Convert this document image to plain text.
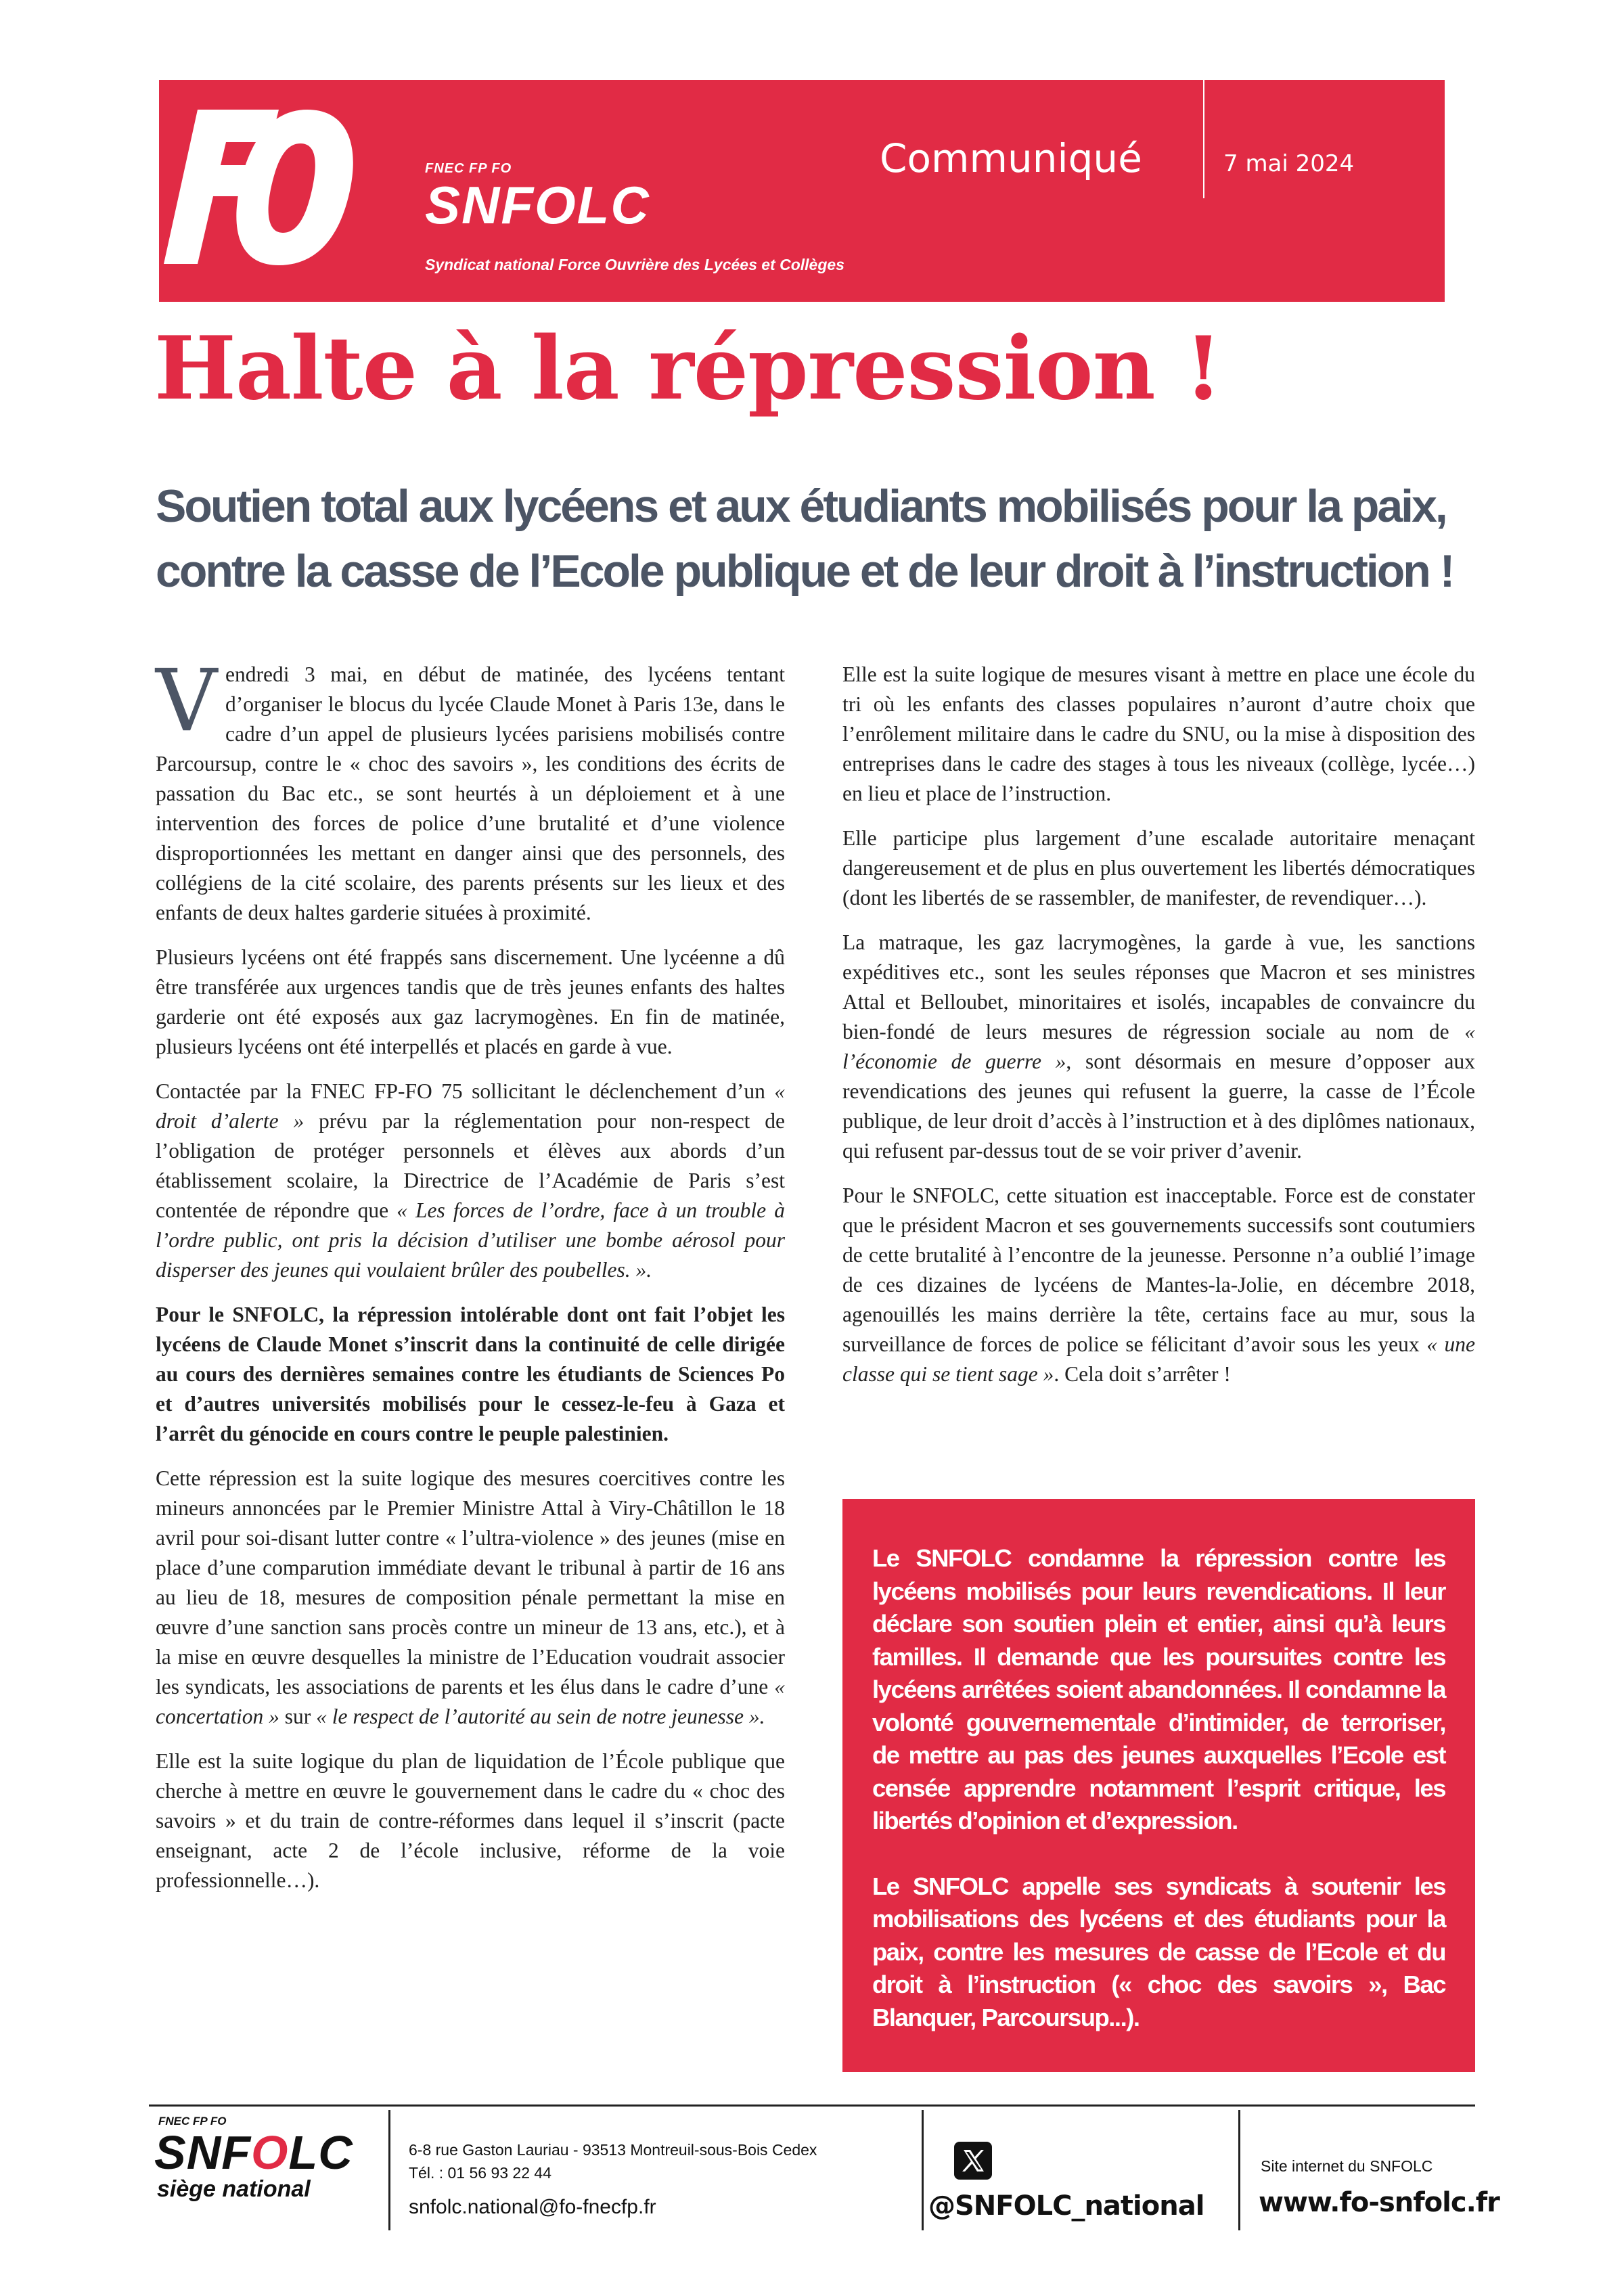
FNEC FP FO
SNFOLC
Syndicat national Force Ouvrière des Lycées et Collèges
Communiqué	7 mai 2024
Halte à la répression !
Soutien total aux lycéens et aux étudiants mobilisés pour la paix,
contre la casse de l’Ecole publique et de leur droit à l’instruction !

Vendredi 3 mai, en début de matinée, des lycéens tentant d’organiser le blocus du lycée Claude Monet à Paris 13e, dans le cadre d’un appel de plusieurs lycées parisiens mobilisés contre Parcoursup, contre le « choc des savoirs », les conditions des écrits de passation du Bac etc., se sont heurtés à un déploiement et à une intervention des forces de police d’une brutalité et d’une violence disproportionnées les mettant en danger ainsi que des personnels, des collégiens de la cité scolaire, des parents présents sur les lieux et des enfants de deux haltes garderie situées à proximité.

Plusieurs lycéens ont été frappés sans discernement. Une lycéenne a dû être transférée aux urgences tandis que de très jeunes enfants des haltes garderie ont été exposés aux gaz lacrymogènes. En fin de matinée, plusieurs lycéens ont été interpellés et placés en garde à vue.

Contactée par la FNEC FP-FO 75 sollicitant le déclenchement d’un « droit d’alerte » prévu par la réglementation pour non-respect de l’obligation de protéger personnels et élèves aux abords d’un établissement scolaire, la Directrice de l’Académie de Paris s’est contentée de répondre que « Les forces de l’ordre, face à un trouble à l’ordre public, ont pris la décision d’utiliser une bombe aérosol pour disperser des jeunes qui voulaient brûler des poubelles. ».

Pour le SNFOLC, la répression intolérable dont ont fait l’objet les lycéens de Claude Monet s’inscrit dans la continuité de celle dirigée au cours des dernières semaines contre les étudiants de Sciences Po et d’autres universités mobilisés pour le cessez-le-feu à Gaza et l’arrêt du génocide en cours contre le peuple palestinien.

Cette répression est la suite logique des mesures coercitives contre les mineurs annoncées par le Premier Ministre Attal à Viry-Châtillon le 18 avril pour soi-disant lutter contre « l’ultra-violence » des jeunes (mise en place d’une comparution immédiate devant le tribunal à partir de 16 ans au lieu de 18, mesures de composition pénale permettant la mise en œuvre d’une sanction sans procès contre un mineur de 13 ans, etc.), et à la mise en œuvre desquelles la ministre de l’Education voudrait associer les syndicats, les associations de parents et les élus dans le cadre d’une « concertation » sur « le respect de l’autorité au sein de notre jeunesse ».

Elle est la suite logique du plan de liquidation de l’École publique que cherche à mettre en œuvre le gouvernement dans le cadre du « choc des savoirs » et du train de contre-réformes dans lequel il s’inscrit (pacte enseignant, acte 2 de l’école inclusive, réforme de la voie professionnelle…).

Elle est la suite logique de mesures visant à mettre en place une école du tri où les enfants des classes populaires n’auront d’autre choix que l’enrôlement militaire dans le cadre du SNU, ou la mise à disposition des entreprises dans le cadre des stages à tous les niveaux (collège, lycée…) en lieu et place de l’instruction.

Elle participe plus largement d’une escalade autoritaire menaçant dangereusement et de plus en plus ouvertement les libertés démocratiques (dont les libertés de se rassembler, de manifester, de revendiquer…).

La matraque, les gaz lacrymogènes, la garde à vue, les sanctions expéditives etc., sont les seules réponses que Macron et ses ministres Attal et Belloubet, minoritaires et isolés, incapables de convaincre du bien-fondé de leurs mesures de régression sociale au nom de « l’économie de guerre », sont désormais en mesure d’opposer aux revendications des jeunes qui refusent la guerre, la casse de l’École publique, de leur droit d’accès à l’instruction et à des diplômes nationaux, qui refusent par-dessus tout de se voir priver d’avenir.

Pour le SNFOLC, cette situation est inacceptable. Force est de constater que le président Macron et ses gouvernements successifs sont coutumiers de cette brutalité à l’encontre de la jeunesse. Personne n’a oublié l’image de ces dizaines de lycéens de Mantes-la-Jolie, en décembre 2018, agenouillés les mains derrière la tête, certains face au mur, sous la surveillance de forces de police se félicitant d’avoir sous les yeux « une classe qui se tient sage ». Cela doit s’arrêter !

Le SNFOLC condamne la répression contre les lycéens mobilisés pour leurs revendications. Il leur déclare son soutien plein et entier, ainsi qu’à leurs familles. Il demande que les poursuites contre les lycéens arrêtées soient abandonnées. Il condamne la volonté gouvernementale d’intimider, de terroriser, de mettre au pas des jeunes auxquelles l’Ecole est censée apprendre notamment l’esprit critique, les libertés d’opinion et d’expression.

Le SNFOLC appelle ses syndicats à soutenir les mobilisations des lycéens et des étudiants pour la paix, contre les mesures de casse de l’Ecole et du droit à l’instruction (« choc des savoirs », Bac Blanquer, Parcoursup...).

FNEC FP FO
SNFOLC
siège national
6-8 rue Gaston Lauriau - 93513 Montreuil-sous-Bois Cedex
Tél. : 01 56 93 22 44
snfolc.national@fo-fnecfp.fr	@SNFOLC_national
Site internet du SNFOLC
www.fo-snfolc.fr
